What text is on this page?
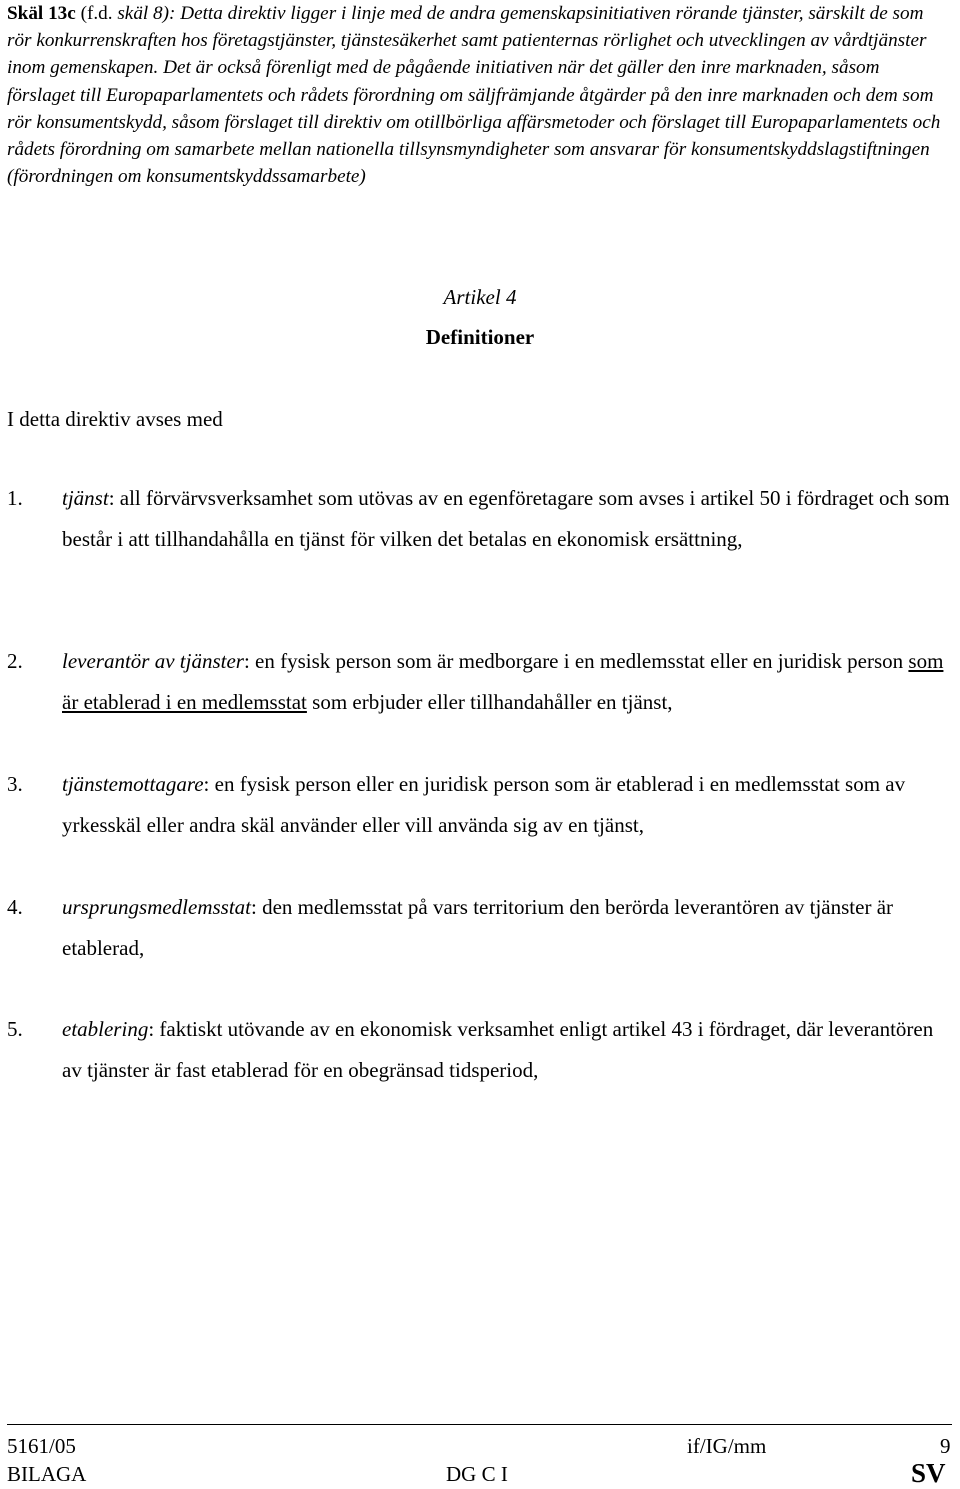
Skäl 13c (f.d. skäl 8): Detta direktiv ligger i linje med de andra gemenskapsinitiativen rörande tjänster, särskilt de som rör konkurrenskraften hos företagstjänster, tjänstesäkerhet samt patienternas rörlighet och utvecklingen av vårdtjänster inom gemenskapen. Det är också förenligt med de pågående initiativen när det gäller den inre marknaden, såsom förslaget till Europaparlamentets och rådets förordning om säljfrämjande åtgärder på den inre marknaden och dem som rör konsumentskydd, såsom förslaget till direktiv om otillbörliga affärsmetoder och förslaget till Europaparlamentets och rådets förordning om samarbete mellan nationella tillsynsmyndigheter som ansvarar för konsumentskyddslagstiftningen (förordningen om konsumentskyddssamarbete)

Artikel 4
Definitioner
I detta direktiv avses med
1. tjänst: all förvärvsverksamhet som utövas av en egenföretagare som avses i artikel 50 i fördraget och som består i att tillhandahålla en tjänst för vilken det betalas en ekonomisk ersättning,
2. leverantör av tjänster: en fysisk person som är medborgare i en medlemsstat eller en juridisk person som är etablerad i en medlemsstat som erbjuder eller tillhandahåller en tjänst,
3. tjänstemottagare: en fysisk person eller en juridisk person som är etablerad i en medlemsstat som av yrkesskäl eller andra skäl använder eller vill använda sig av en tjänst,
4. ursprungsmedlemsstat: den medlemsstat på vars territorium den berörda leverantören av tjänster är etablerad,
5. etablering: faktiskt utövande av en ekonomisk verksamhet enligt artikel 43 i fördraget, där leverantören av tjänster är fast etablerad för en obegränsad tidsperiod,
5161/05	if/IG/mm	9
BILAGA	DG C I	SV
